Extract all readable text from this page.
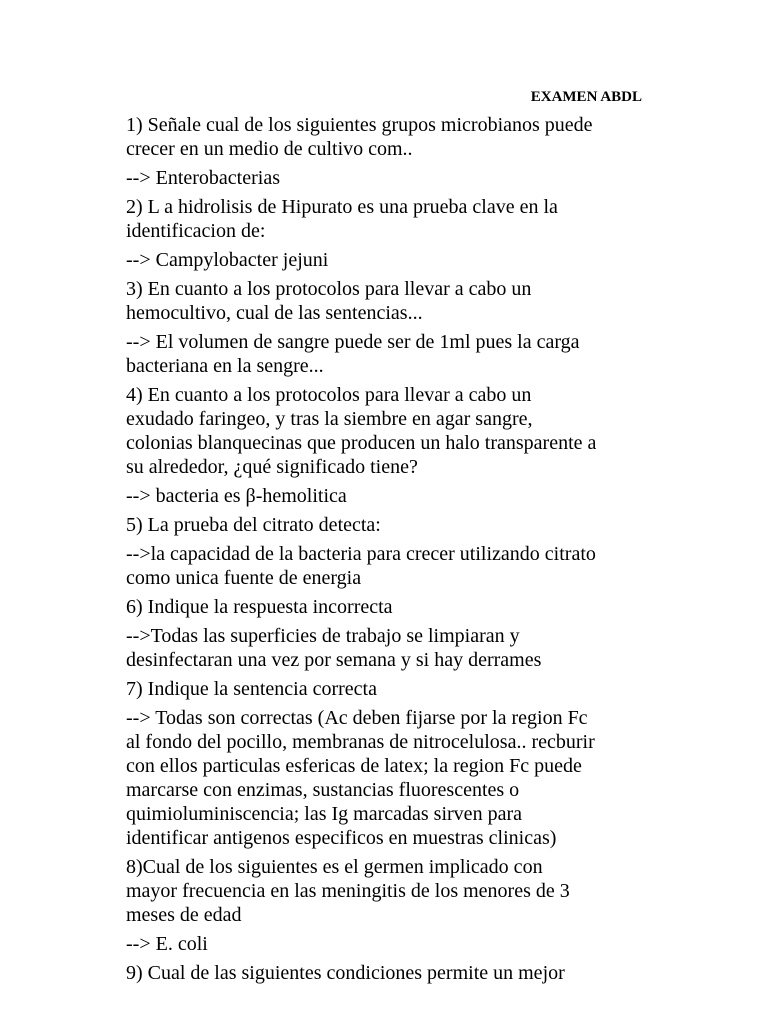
EXAMEN ABDL

1) Señale cual de los siguientes grupos microbianos puede
crecer en un medio de cultivo com..

--> Enterobacterias

2) L a hidrolisis de Hipurato es una prueba clave en la
identificacion de:

--> Campylobacter jejuni

3) En cuanto a los protocolos para llevar a cabo un
hemocultivo, cual de las sentencias...

--> El volumen de sangre puede ser de 1ml pues la carga
bacteriana en la sengre...

4) En cuanto a los protocolos para llevar a cabo un
exudado faringeo, y tras la siembre en agar sangre,
colonias blanquecinas que producen un halo transparente a
su alrededor, ¿qué significado tiene?

--> bacteria es β-hemolitica

5) La prueba del citrato detecta:

-->la capacidad de la bacteria para crecer utilizando citrato
como unica fuente de energia

6) Indique la respuesta incorrecta

-->Todas las superficies de trabajo se limpiaran y
desinfectaran una vez por semana y si hay derrames

7) Indique la sentencia correcta

--> Todas son correctas (Ac deben fijarse por la region Fc
al fondo del pocillo, membranas de nitrocelulosa.. recburir
con ellos particulas esfericas de latex; la region Fc puede
marcarse con enzimas, sustancias fluorescentes o
quimioluminiscencia; las Ig marcadas sirven para
identificar antigenos especificos en muestras clinicas)

8)Cual de los siguientes es el germen implicado con
mayor frecuencia en las meningitis de los menores de 3
meses de edad

--> E. coli

9) Cual de las siguientes condiciones permite un mejor
